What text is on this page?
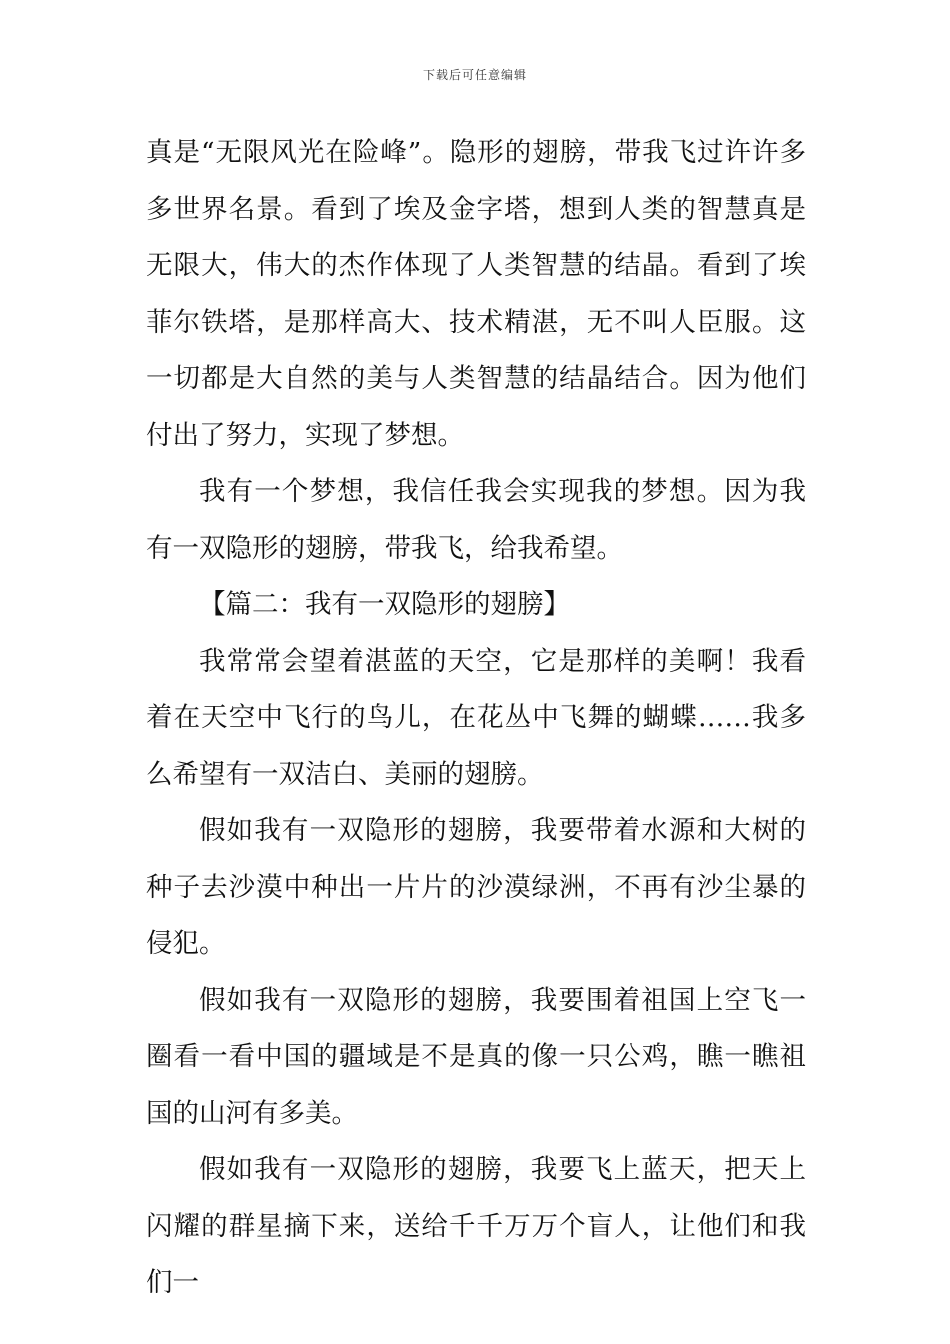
下载后可任意编辑

真是“无限风光在险峰”。隐形的翅膀，带我飞过许许多多世界名景。看到了埃及金字塔，想到人类的智慧真是无限大，伟大的杰作体现了人类智慧的结晶。看到了埃菲尔铁塔，是那样高大、技术精湛，无不叫人臣服。这一切都是大自然的美与人类智慧的结晶结合。因为他们付出了努力，实现了梦想。

我有一个梦想，我信任我会实现我的梦想。因为我有一双隐形的翅膀，带我飞，给我希望。

【篇二：我有一双隐形的翅膀】

我常常会望着湛蓝的天空，它是那样的美啊！我看着在天空中飞行的鸟儿，在花丛中飞舞的蝴蝶……我多么希望有一双洁白、美丽的翅膀。

假如我有一双隐形的翅膀，我要带着水源和大树的种子去沙漠中种出一片片的沙漠绿洲，不再有沙尘暴的侵犯。

假如我有一双隐形的翅膀，我要围着祖国上空飞一圈看一看中国的疆域是不是真的像一只公鸡，瞧一瞧祖国的山河有多美。

假如我有一双隐形的翅膀，我要飞上蓝天，把天上闪耀的群星摘下来，送给千千万万个盲人，让他们和我们一
